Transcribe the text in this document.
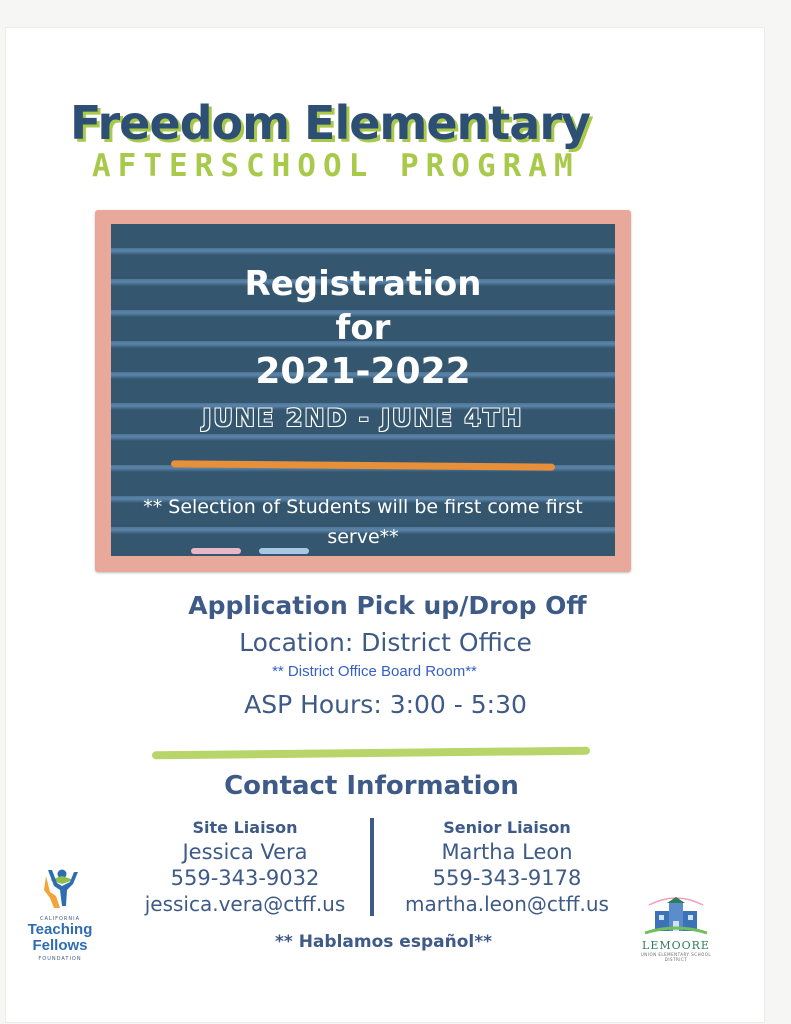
Freedom Elementary
AFTERSCHOOL PROGRAM
Registration
for
2021-2022
JUNE 2ND - JUNE 4TH
** Selection of Students will be first come first serve**
Application Pick up/Drop Off
Location: District Office
** District Office Board Room**
ASP Hours: 3:00 - 5:30
Contact Information
Site Liaison
Jessica Vera
559-343-9032
jessica.vera@ctff.us
Senior Liaison
Martha Leon
559-343-9178
martha.leon@ctff.us
** Hablamos español**
CALIFORNIA
Teaching
Fellows
FOUNDATION
LEMOORE
UNION ELEMENTARY SCHOOL DISTRICT
